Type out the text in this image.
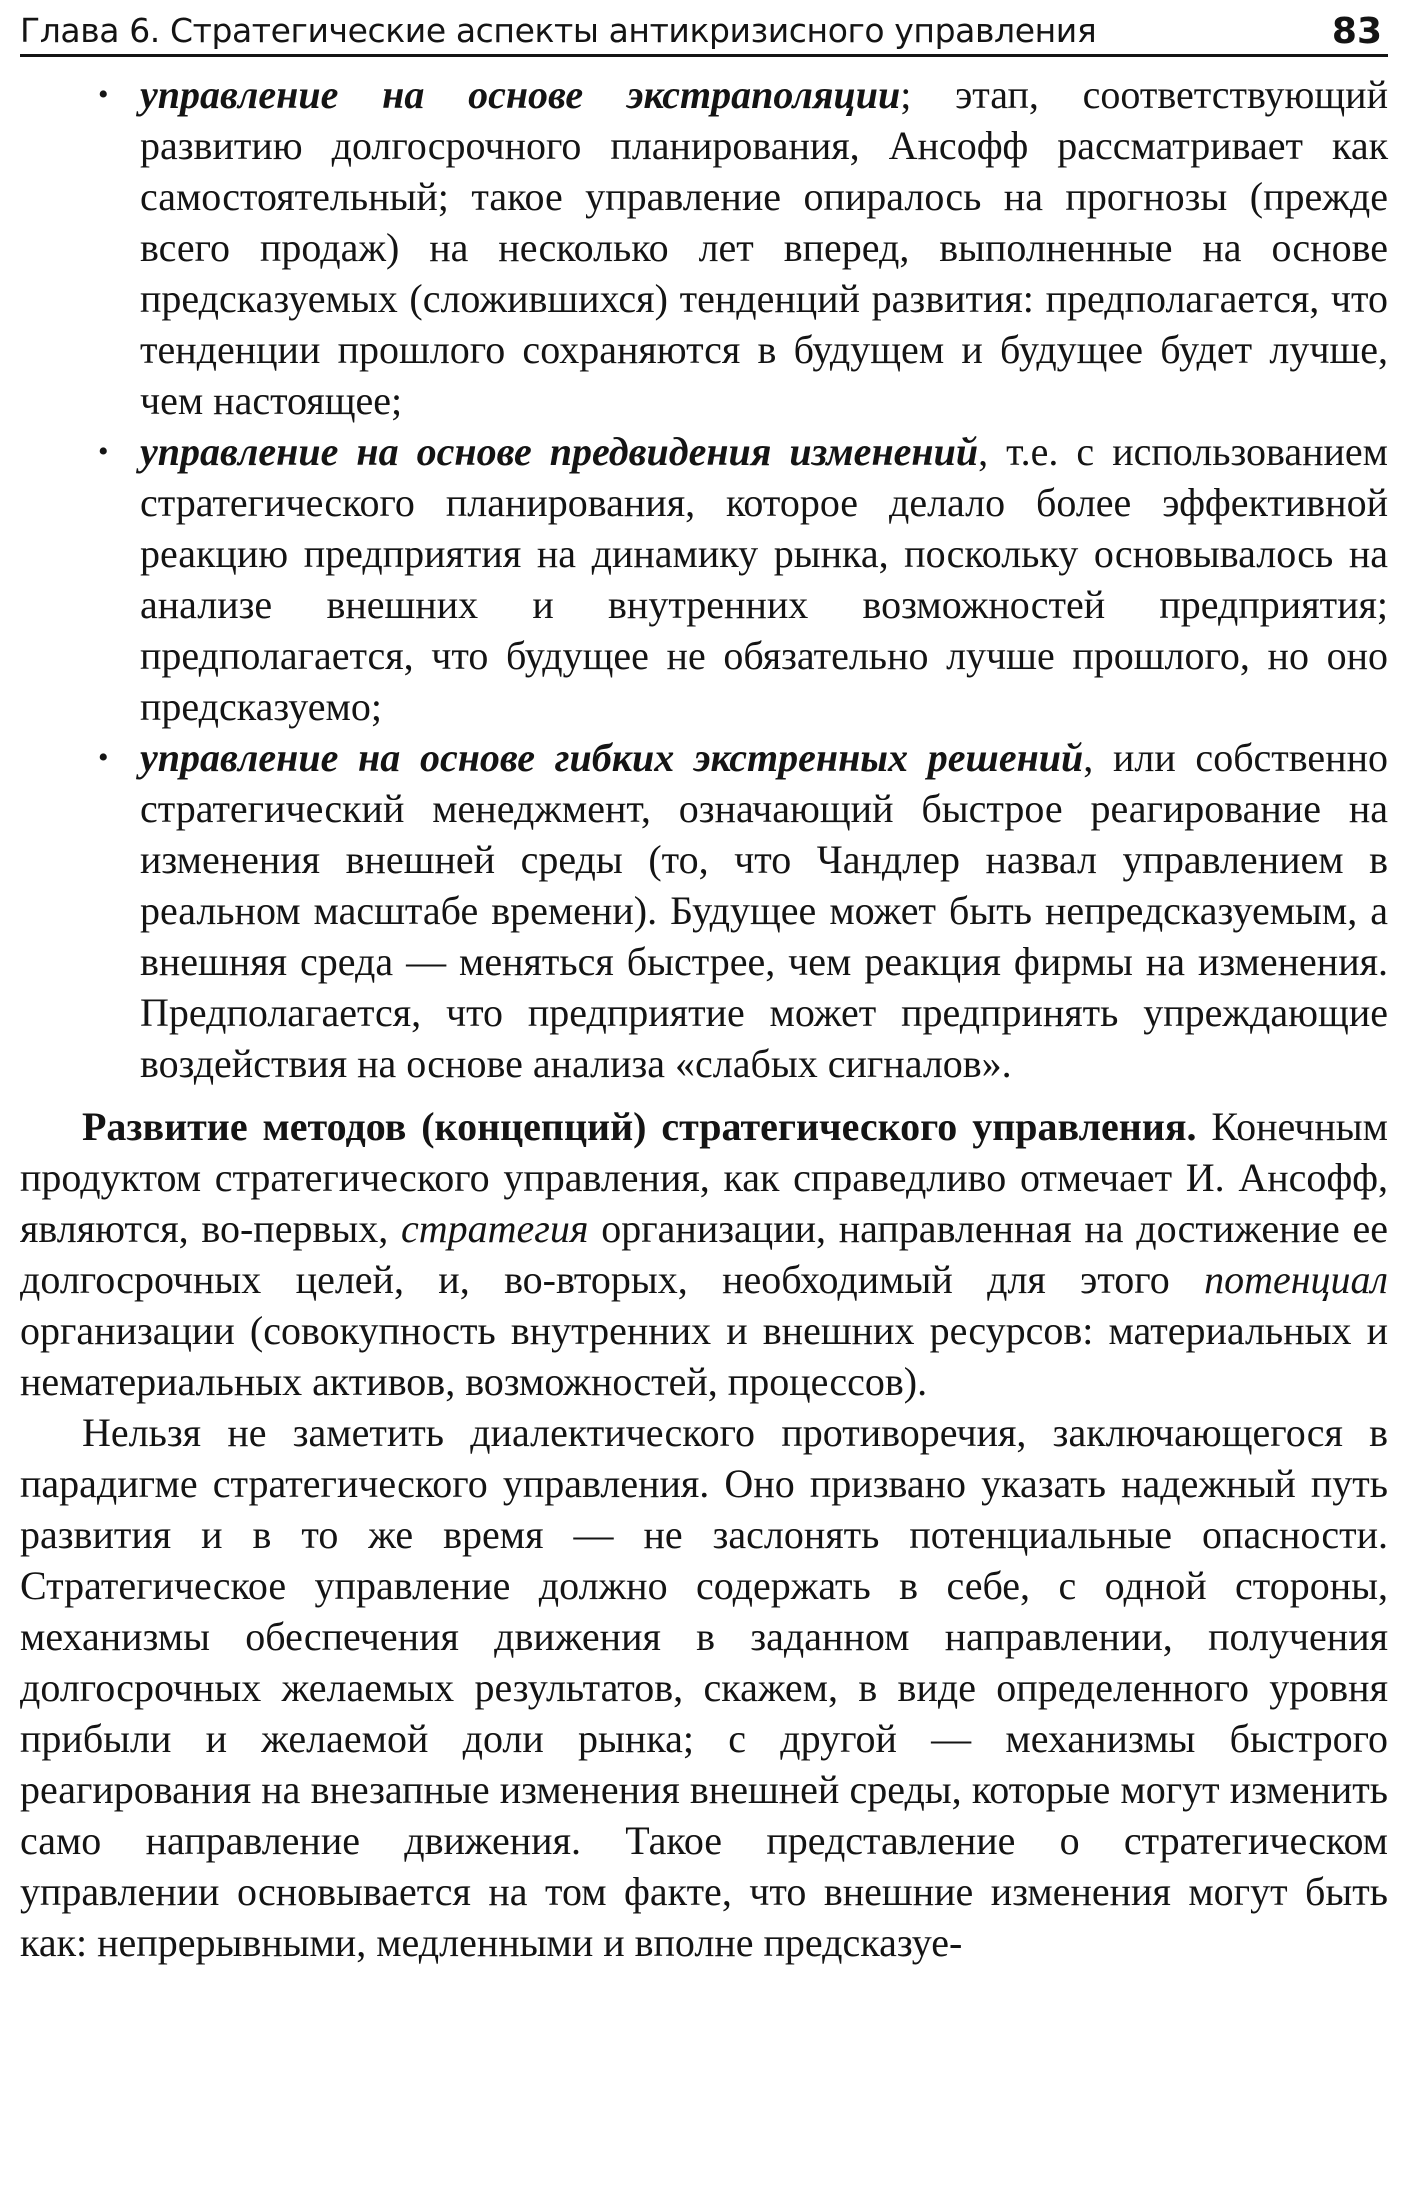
Глава 6. Стратегические аспекты антикризисного управления	83
• управление на основе экстраполяции; этап, соответствующий развитию долгосрочного планирования, Ансофф рассматривает как самостоятельный; такое управление опиралось на прогнозы (прежде всего продаж) на несколько лет вперед, выполненные на основе предсказуемых (сложившихся) тенденций развития: предполагается, что тенденции прошлого сохраняются в будущем и будущее будет лучше, чем настоящее;
• управление на основе предвидения изменений, т.е. с использованием стратегического планирования, которое делало более эффективной реакцию предприятия на динамику рынка, поскольку основывалось на анализе внешних и внутренних возможностей предприятия; предполагается, что будущее не обязательно лучше прошлого, но оно предсказуемо;
• управление на основе гибких экстренных решений, или собственно стратегический менеджмент, означающий быстрое реагирование на изменения внешней среды (то, что Чандлер назвал управлением в реальном масштабе времени). Будущее может быть непредсказуемым, а внешняя среда — меняться быстрее, чем реакция фирмы на изменения. Предполагается, что предприятие может предпринять упреждающие воздействия на основе анализа «слабых сигналов».

Развитие методов (концепций) стратегического управления. Конечным продуктом стратегического управления, как справедливо отмечает И. Ансофф, являются, во-первых, стратегия организации, направленная на достижение ее долгосрочных целей, и, во-вторых, необходимый для этого потенциал организации (совокупность внутренних и внешних ресурсов: материальных и нематериальных активов, возможностей, процессов).

Нельзя не заметить диалектического противоречия, заключающегося в парадигме стратегического управления. Оно призвано указать надежный путь развития и в то же время — не заслонять потенциальные опасности. Стратегическое управление должно содержать в себе, с одной стороны, механизмы обеспечения движения в заданном направлении, получения долгосрочных желаемых результатов, скажем, в виде определенного уровня прибыли и желаемой доли рынка; с другой — механизмы быстрого реагирования на внезапные изменения внешней среды, которые могут изменить само направление движения. Такое представление о стратегическом управлении основывается на том факте, что внешние изменения могут быть как: непрерывными, медленными и вполне предсказуе-
